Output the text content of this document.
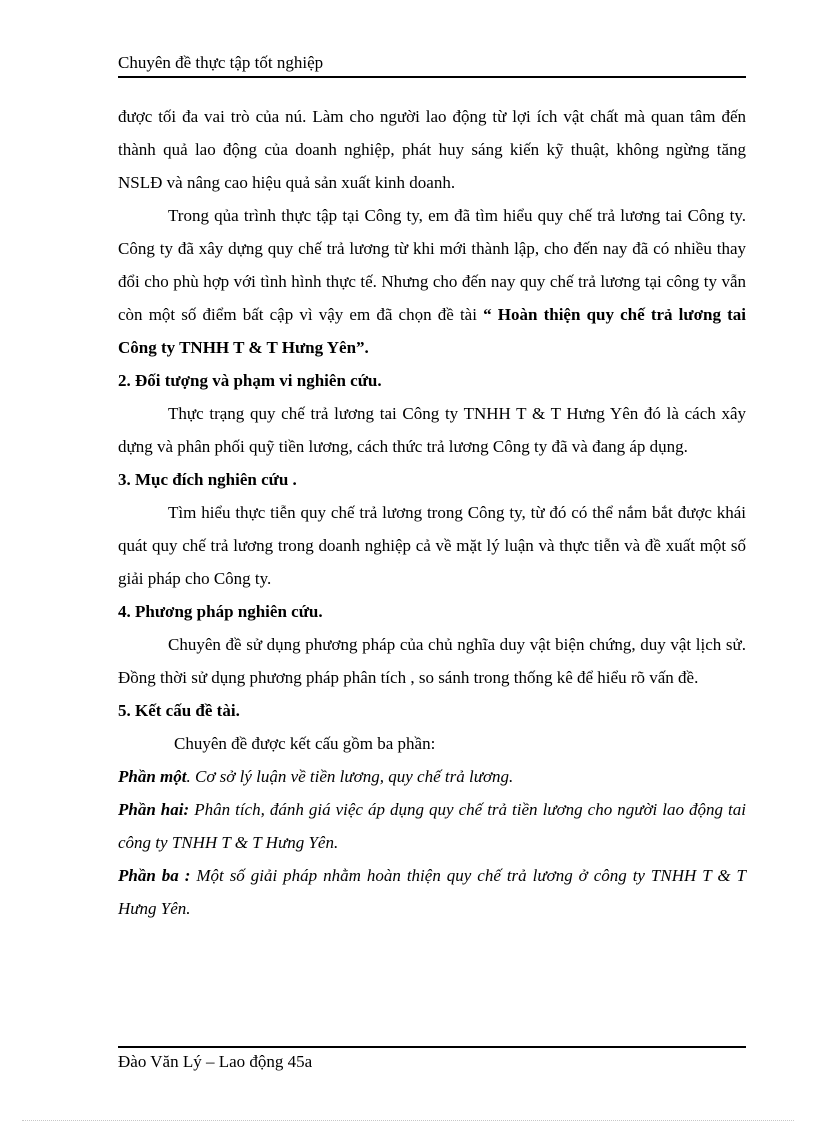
Chuyên đề thực tập tốt nghiệp

được tối đa vai trò của nú. Làm cho người lao động từ lợi ích vật chất mà quan tâm đến thành quả lao động của doanh nghiệp, phát huy sáng kiến kỹ thuật, không ngừng tăng NSLĐ và nâng cao hiệu quả sản xuất kinh doanh.

Trong qủa trình thực tập tại Công ty, em đã tìm hiểu quy chế trả lương tai Công ty. Công ty đã xây dựng quy chế trả lương từ khi mới thành lập, cho đến nay đã có nhiều thay đổi cho phù hợp với tình hình thực tế. Nhưng cho đến nay quy chế trả lương tại công ty vẫn còn một số điểm bất cập vì vậy em đã chọn đề tài “ Hoàn thiện quy chế trả lương tai Công ty TNHH T & T Hưng Yên”.

2. Đối tượng và phạm vi nghiên cứu.

Thực trạng quy chế trả lương tai Công ty TNHH T & T Hưng Yên đó là cách xây dựng và phân phối quỹ tiền lương, cách thức trả lương Công ty đã và đang áp dụng.

3. Mục đích nghiên cứu .

Tìm hiểu thực tiễn quy chế trả lương trong Công ty, từ đó có thể nắm bắt được khái quát quy chế trả lương trong doanh nghiệp cả về mặt lý luận và thực tiễn và đề xuất một số giải pháp cho Công ty.

4. Phương pháp nghiên cứu.

Chuyên đề sử dụng phương pháp của chủ nghĩa duy vật biện chứng, duy vật lịch sử. Đồng thời sử dụng phương pháp phân tích , so sánh trong thống kê để hiểu rõ vấn đề.

5. Kết cấu đề tài.

Chuyên đề được kết cấu gồm ba phần:

Phần một. Cơ sở lý luận về tiền lương, quy chế trả lương.

Phần hai: Phân tích, đánh giá việc áp dụng quy chế trả tiền lương cho người lao động tai công ty TNHH T & T Hưng Yên.

Phần ba : Một số giải pháp nhằm hoàn thiện quy chế trả lương ở công ty TNHH T & T Hưng Yên.

Đào Văn Lý – Lao động 45a
